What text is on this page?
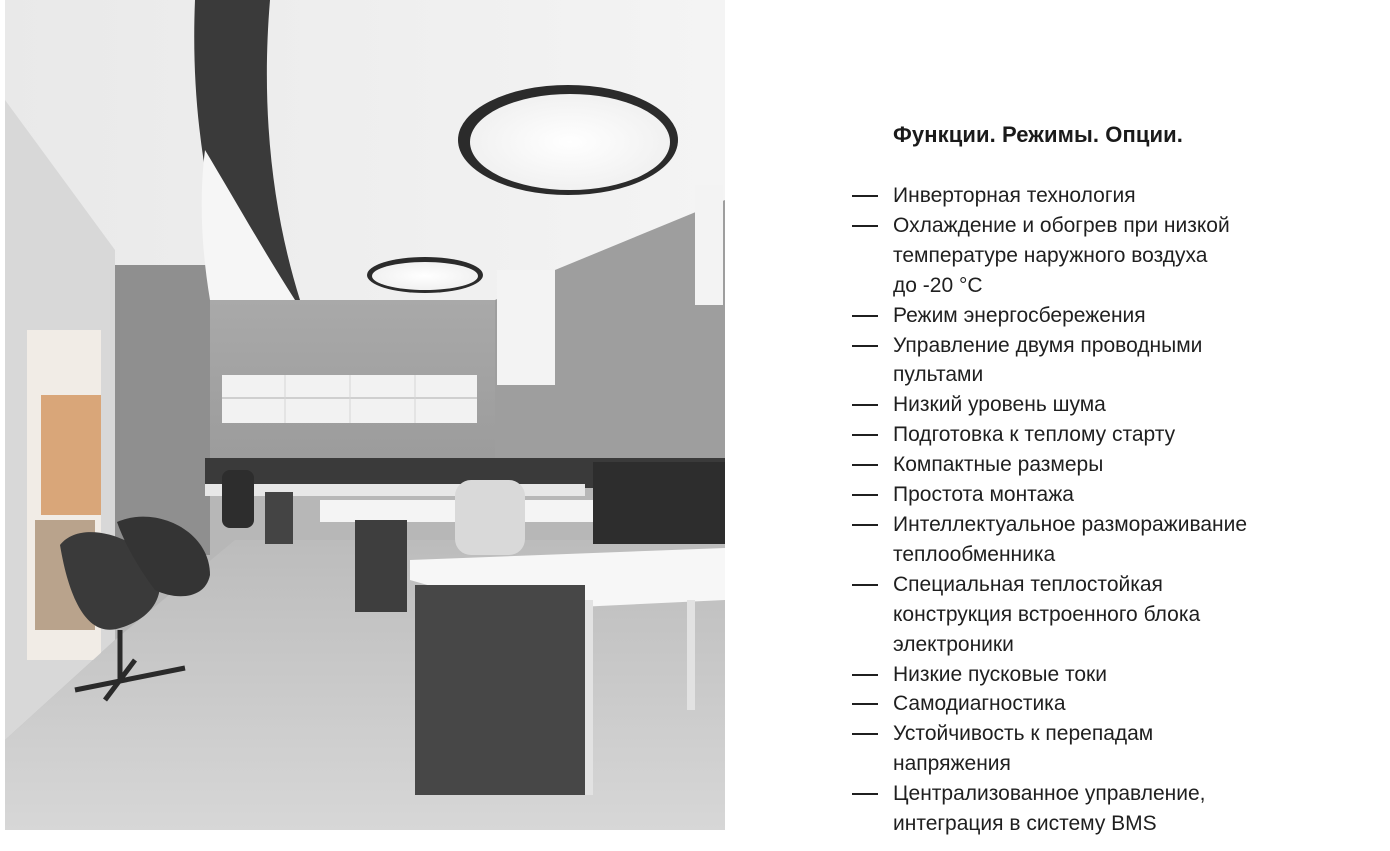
Функции. Режимы. Опции.
Инверторная технология
Охлаждение и обогрев при низкой
температуре наружного воздуха
до -20 °С
Режим энергосбережения
Управление двумя проводными
пультами
Низкий уровень шума
Подготовка к теплому старту
Компактные размеры
Простота монтажа
Интеллектуальное размораживание
теплообменника
Специальная теплостойкая
конструкция встроенного блока
электроники
Низкие пусковые токи
Самодиагностика
Устойчивость к перепадам
напряжения
Централизованное управление,
интеграция в систему BMS
